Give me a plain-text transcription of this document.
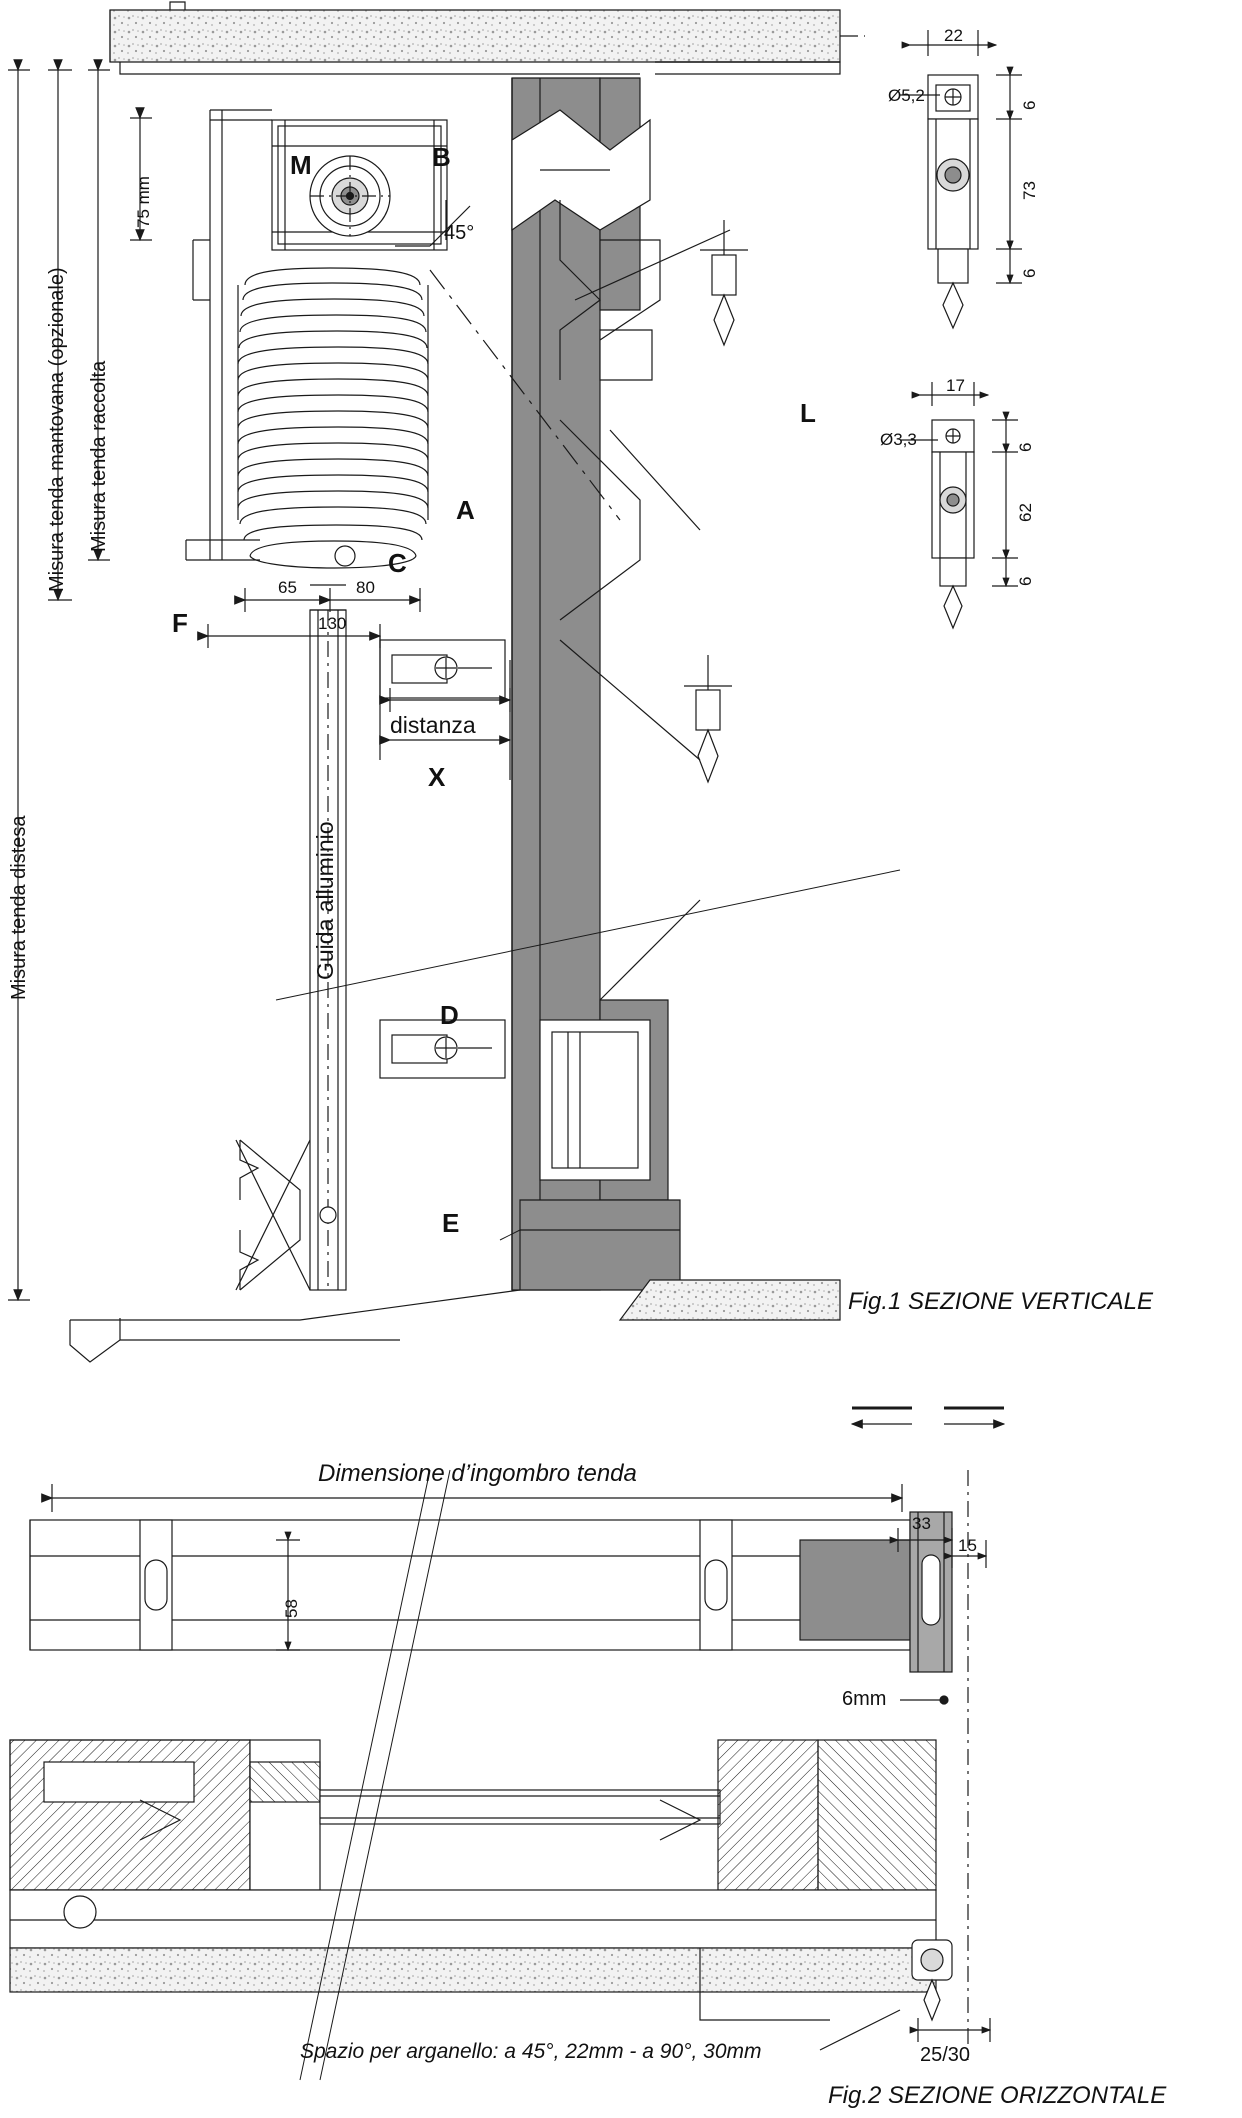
Misura tenda mantovana (opzionale) Misura tenda raccolta
Misura tenda distesa
75 mm
Guida alluminio
M	B
A
C
F
X
D
E
L
65	80
130
45°
distanza
22
6
73
6
Ø5,2
17
6
62
6
Ø3,3
Fig.1 SEZIONE VERTICALE
Dimensione d’ingombro tenda
33
15
58
6mm
25/30
Spazio per arganello: a 45°, 22mm - a 90°, 30mm
Fig.2 SEZIONE ORIZZONTALE
